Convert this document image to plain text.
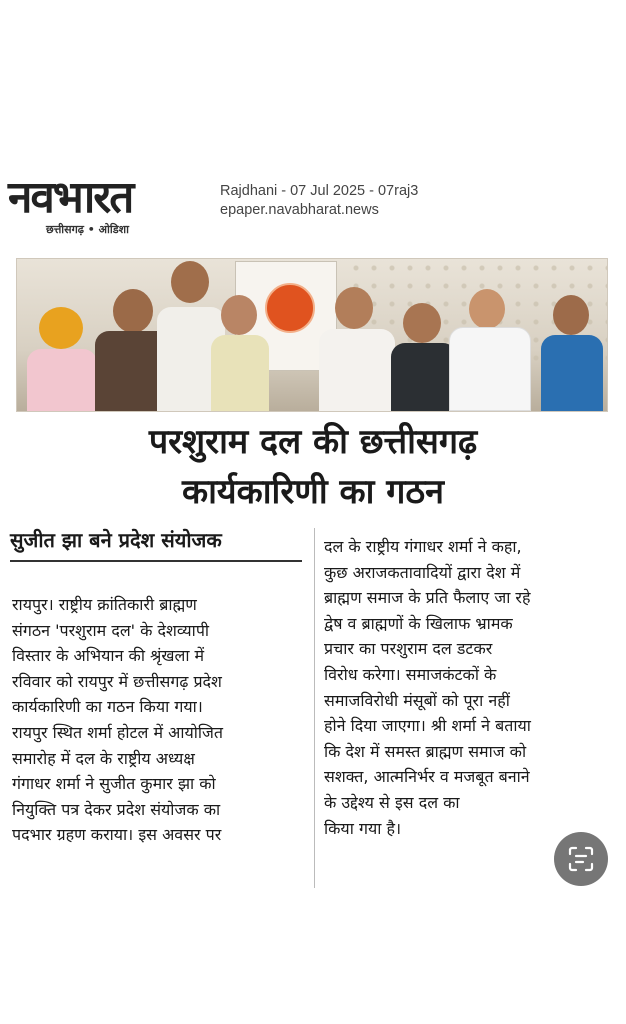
नवभारत
छत्तीसगढ़ • ओडिशा
Rajdhani - 07 Jul 2025 - 07raj3
epaper.navabharat.news
परशुराम दल की छत्तीसगढ़
कार्यकारिणी का गठन
सुजीत झा बने प्रदेश संयोजक
रायपुर। राष्ट्रीय क्रांतिकारी ब्राह्मण
संगठन 'परशुराम दल' के देशव्यापी
विस्तार के अभियान की श्रृंखला में
रविवार को रायपुर में छत्तीसगढ़ प्रदेश
कार्यकारिणी का गठन किया गया।
रायपुर स्थित शर्मा होटल में आयोजित
समारोह में दल के राष्ट्रीय अध्यक्ष
गंगाधर शर्मा ने सुजीत कुमार झा को
नियुक्ति पत्र देकर प्रदेश संयोजक का
पदभार ग्रहण कराया। इस अवसर पर
दल के राष्ट्रीय गंगाधर शर्मा ने कहा,
कुछ अराजकतावादियों द्वारा देश में
ब्राह्मण समाज के प्रति फैलाए जा रहे
द्वेष व ब्राह्मणों के खिलाफ भ्रामक
प्रचार का परशुराम दल डटकर
विरोध करेगा। समाजकंटकों के
समाजविरोधी मंसूबों को पूरा नहीं
होने दिया जाएगा। श्री शर्मा ने बताया
कि देश में समस्त ब्राह्मण समाज को
सशक्त, आत्मनिर्भर व मजबूत बनाने
के उद्देश्य से इस दल का
किया गया है।
